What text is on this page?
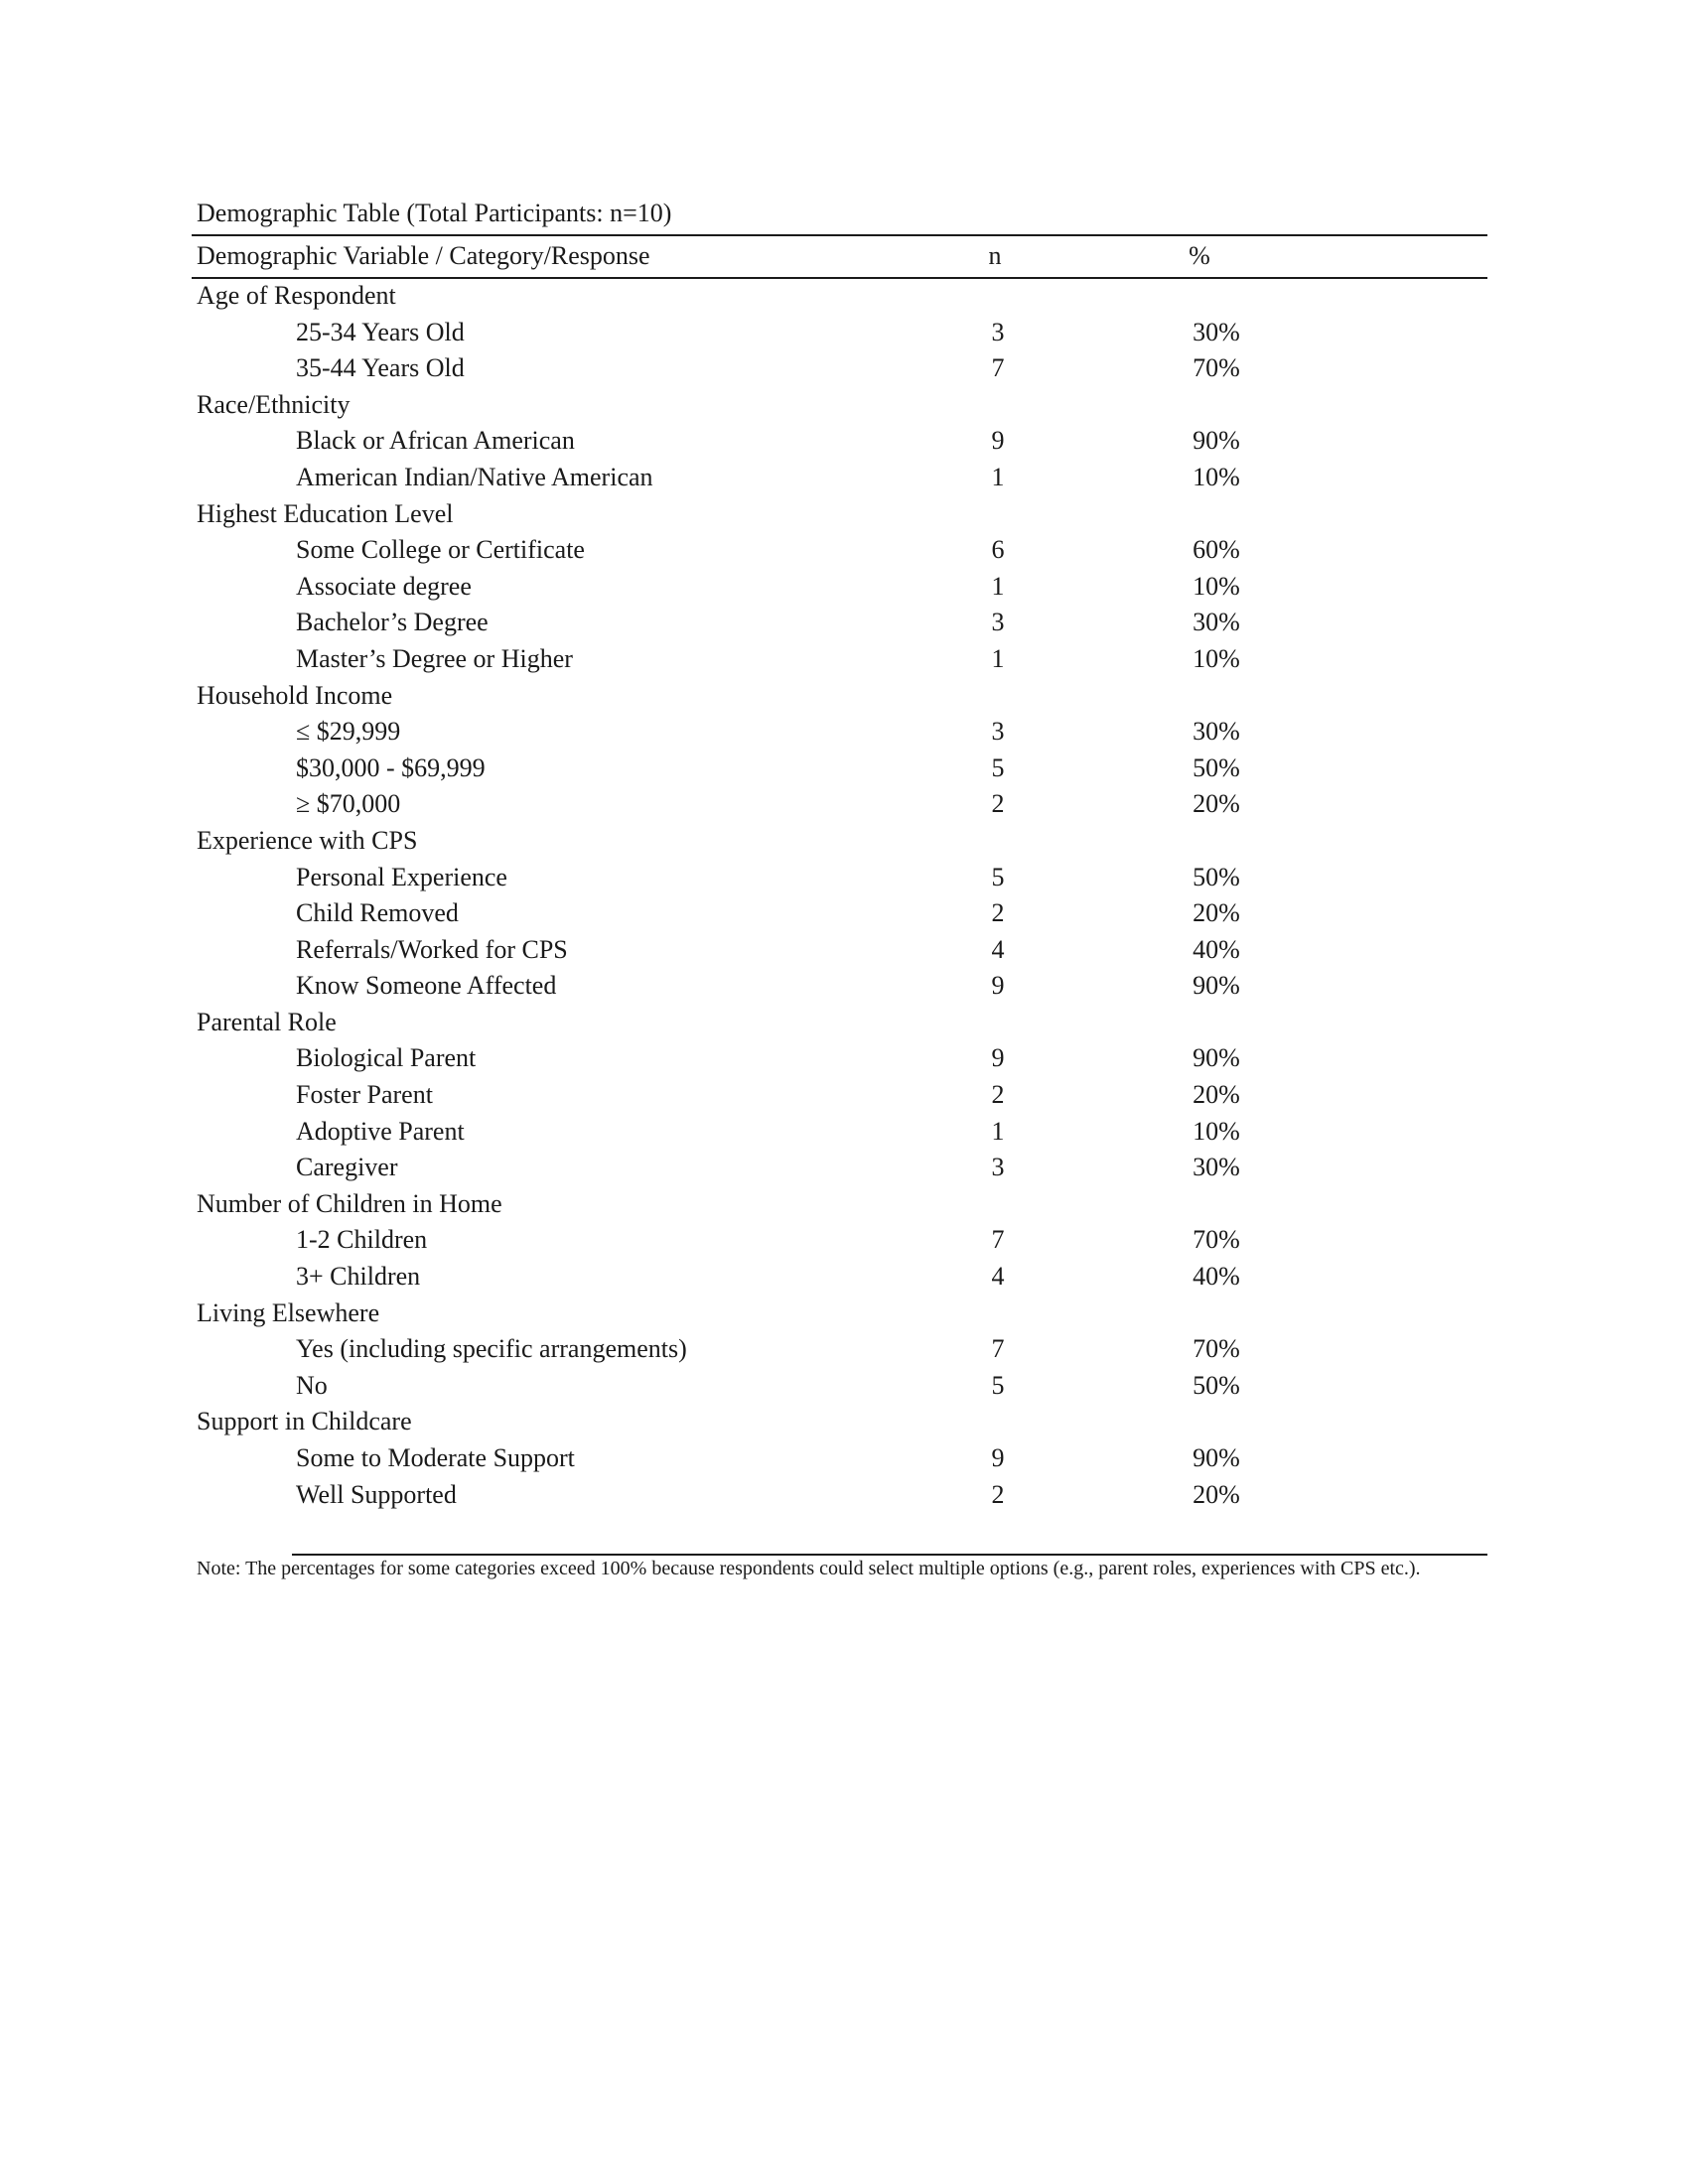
Demographic Table (Total Participants: n=10)
Demographic Variable / Category/Response	n	%
Age of Respondent
25-34 Years Old	3	30%
35-44 Years Old	7	70%
Race/Ethnicity
Black or African American	9	90%
American Indian/Native American	1	10%
Highest Education Level
Some College or Certificate	6	60%
Associate degree	1	10%
Bachelor’s Degree	3	30%
Master’s Degree or Higher	1	10%
Household Income
≤ $29,999	3	30%
$30,000 - $69,999	5	50%
≥ $70,000	2	20%
Experience with CPS
Personal Experience	5	50%
Child Removed	2	20%
Referrals/Worked for CPS	4	40%
Know Someone Affected	9	90%
Parental Role
Biological Parent	9	90%
Foster Parent	2	20%
Adoptive Parent	1	10%
Caregiver	3	30%
Number of Children in Home
1-2 Children	7	70%
3+ Children	4	40%
Living Elsewhere
Yes (including specific arrangements)	7	70%
No	5	50%
Support in Childcare
Some to Moderate Support	9	90%
Well Supported	2	20%
Note: The percentages for some categories exceed 100% because respondents could select multiple options (e.g., parent roles, experiences with CPS etc.).
